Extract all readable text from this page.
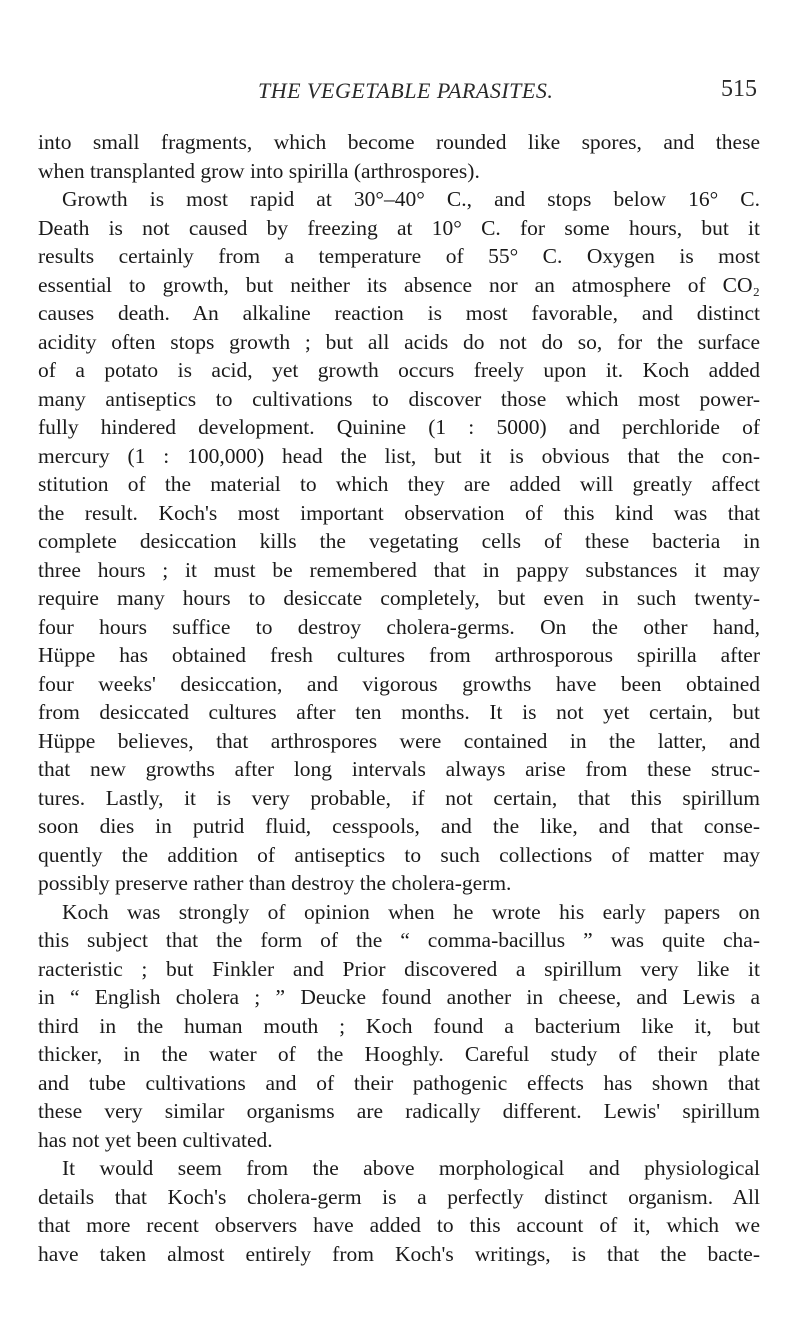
THE VEGETABLE PARASITES.	515
into small fragments, which become rounded like spores, and these
when transplanted grow into spirilla (arthrospores).
Growth is most rapid at 30°–40° C., and stops below 16° C.
Death is not caused by freezing at 10° C. for some hours, but it
results certainly from a temperature of 55° C. Oxygen is most
essential to growth, but neither its absence nor an atmosphere of CO₂
causes death. An alkaline reaction is most favorable, and distinct
acidity often stops growth ; but all acids do not do so, for the surface
of a potato is acid, yet growth occurs freely upon it. Koch added
many antiseptics to cultivations to discover those which most power-
fully hindered development. Quinine (1 : 5000) and perchloride of
mercury (1 : 100,000) head the list, but it is obvious that the con-
stitution of the material to which they are added will greatly affect
the result. Koch's most important observation of this kind was that
complete desiccation kills the vegetating cells of these bacteria in
three hours ; it must be remembered that in pappy substances it may
require many hours to desiccate completely, but even in such twenty-
four hours suffice to destroy cholera-germs. On the other hand,
Hüppe has obtained fresh cultures from arthrosporous spirilla after
four weeks' desiccation, and vigorous growths have been obtained
from desiccated cultures after ten months. It is not yet certain, but
Hüppe believes, that arthrospores were contained in the latter, and
that new growths after long intervals always arise from these struc-
tures. Lastly, it is very probable, if not certain, that this spirillum
soon dies in putrid fluid, cesspools, and the like, and that conse-
quently the addition of antiseptics to such collections of matter may
possibly preserve rather than destroy the cholera-germ.
Koch was strongly of opinion when he wrote his early papers on
this subject that the form of the “ comma-bacillus ” was quite cha-
racteristic ; but Finkler and Prior discovered a spirillum very like it
in “ English cholera ; ” Deucke found another in cheese, and Lewis a
third in the human mouth ; Koch found a bacterium like it, but
thicker, in the water of the Hooghly. Careful study of their plate
and tube cultivations and of their pathogenic effects has shown that
these very similar organisms are radically different. Lewis' spirillum
has not yet been cultivated.
It would seem from the above morphological and physiological
details that Koch's cholera-germ is a perfectly distinct organism. All
that more recent observers have added to this account of it, which we
have taken almost entirely from Koch's writings, is that the bacte-
